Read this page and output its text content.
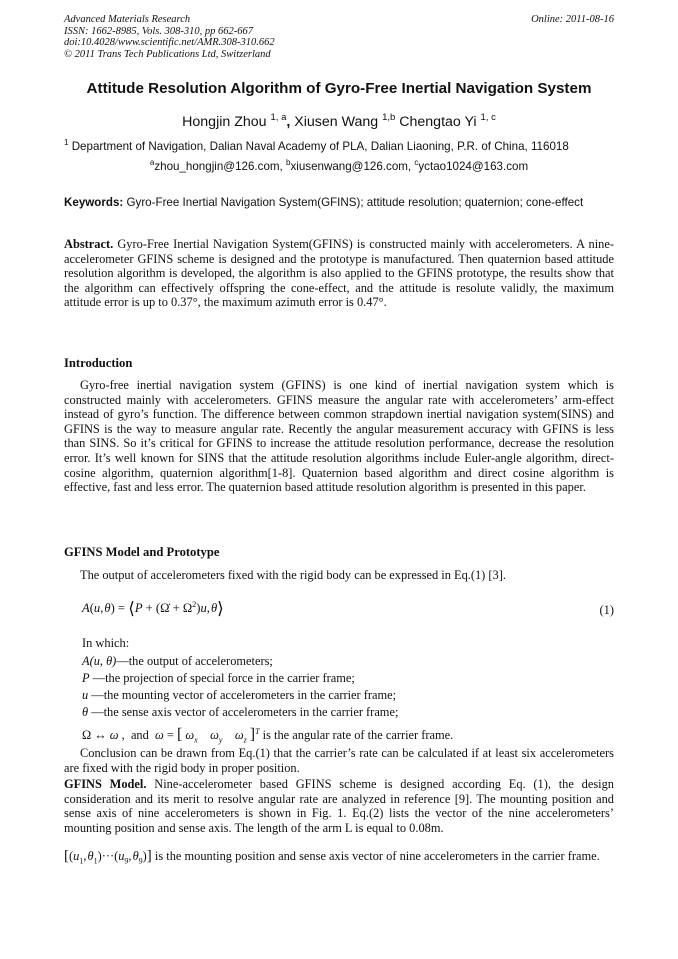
Advanced Materials Research
ISSN: 1662-8985, Vols. 308-310, pp 662-667
doi:10.4028/www.scientific.net/AMR.308-310.662
© 2011 Trans Tech Publications Ltd, Switzerland
Online: 2011-08-16
Attitude Resolution Algorithm of Gyro-Free Inertial Navigation System
Hongjin Zhou $^{1, a}$, Xiusen Wang $^{1,b}$ Chengtao Yi $^{1, c}$
$^1$ Department of Navigation, Dalian Naval Academy of PLA, Dalian Liaoning, P.R. of China, 116018
$^a$zhou_hongjin@126.com, $^b$xiusenwang@126.com, $^c$yctao1024@163.com
Keywords: Gyro-Free Inertial Navigation System(GFINS); attitude resolution; quaternion; cone-effect
Abstract. Gyro-Free Inertial Navigation System(GFINS) is constructed mainly with accelerometers. A nine-accelerometer GFINS scheme is designed and the prototype is manufactured. Then quaternion based attitude resolution algorithm is developed, the algorithm is also applied to the GFINS prototype, the results show that the algorithm can effectively offspring the cone-effect, and the attitude is resolute validly, the maximum attitude error is up to 0.37°, the maximum azimuth error is 0.47°.
Introduction
Gyro-free inertial navigation system (GFINS) is one kind of inertial navigation system which is constructed mainly with accelerometers. GFINS measure the angular rate with accelerometers’ arm-effect instead of gyro’s function. The difference between common strapdown inertial navigation system(SINS) and GFINS is the way to measure angular rate. Recently the angular measurement accuracy with GFINS is less than SINS. So it’s critical for GFINS to increase the attitude resolution performance, decrease the resolution error. It’s well known for SINS that the attitude resolution algorithms include Euler-angle algorithm, direct-cosine algorithm, quaternion algorithm[1-8]. Quaternion based algorithm and direct cosine algorithm is effective, fast and less error. The quaternion based attitude resolution algorithm is presented in this paper.
GFINS Model and Prototype
The output of accelerometers fixed with the rigid body can be expressed in Eq.(1) [3].
A(u, θ) = ⟨P + (Ω̇ + $\Omega^2)u$, θ⟩	(1)
In which:
A(u, θ)—the output of accelerometers;
P —the projection of special force in the carrier frame;
u —the mounting vector of accelerometers in the carrier frame;
θ —the sense axis vector of accelerometers in the carrier frame;
Ω ↔ ω ,  and  ω = [ $\omega_x$ $\omega_y$ $\omega_z$ ]$^T$ is the angular rate of the carrier frame.
Conclusion can be drawn from Eq.(1) that the carrier’s rate can be calculated if at least six accelerometers are fixed with the rigid body in proper position.
GFINS Model. Nine-accelerometer based GFINS scheme is designed according Eq. (1), the design consideration and its merit to resolve angular rate are analyzed in reference [9]. The mounting position and sense axis of nine accelerometers is shown in Fig. 1. Eq.(2) lists the vector of the nine accelerometers’ mounting position and sense axis. The length of the arm L is equal to 0.08m.
[($u_1$, $\theta_1)\cdot\cdot\cdot(u_9$, $\theta_9$)] is the mounting position and sense axis vector of nine accelerometers in the carrier frame.
